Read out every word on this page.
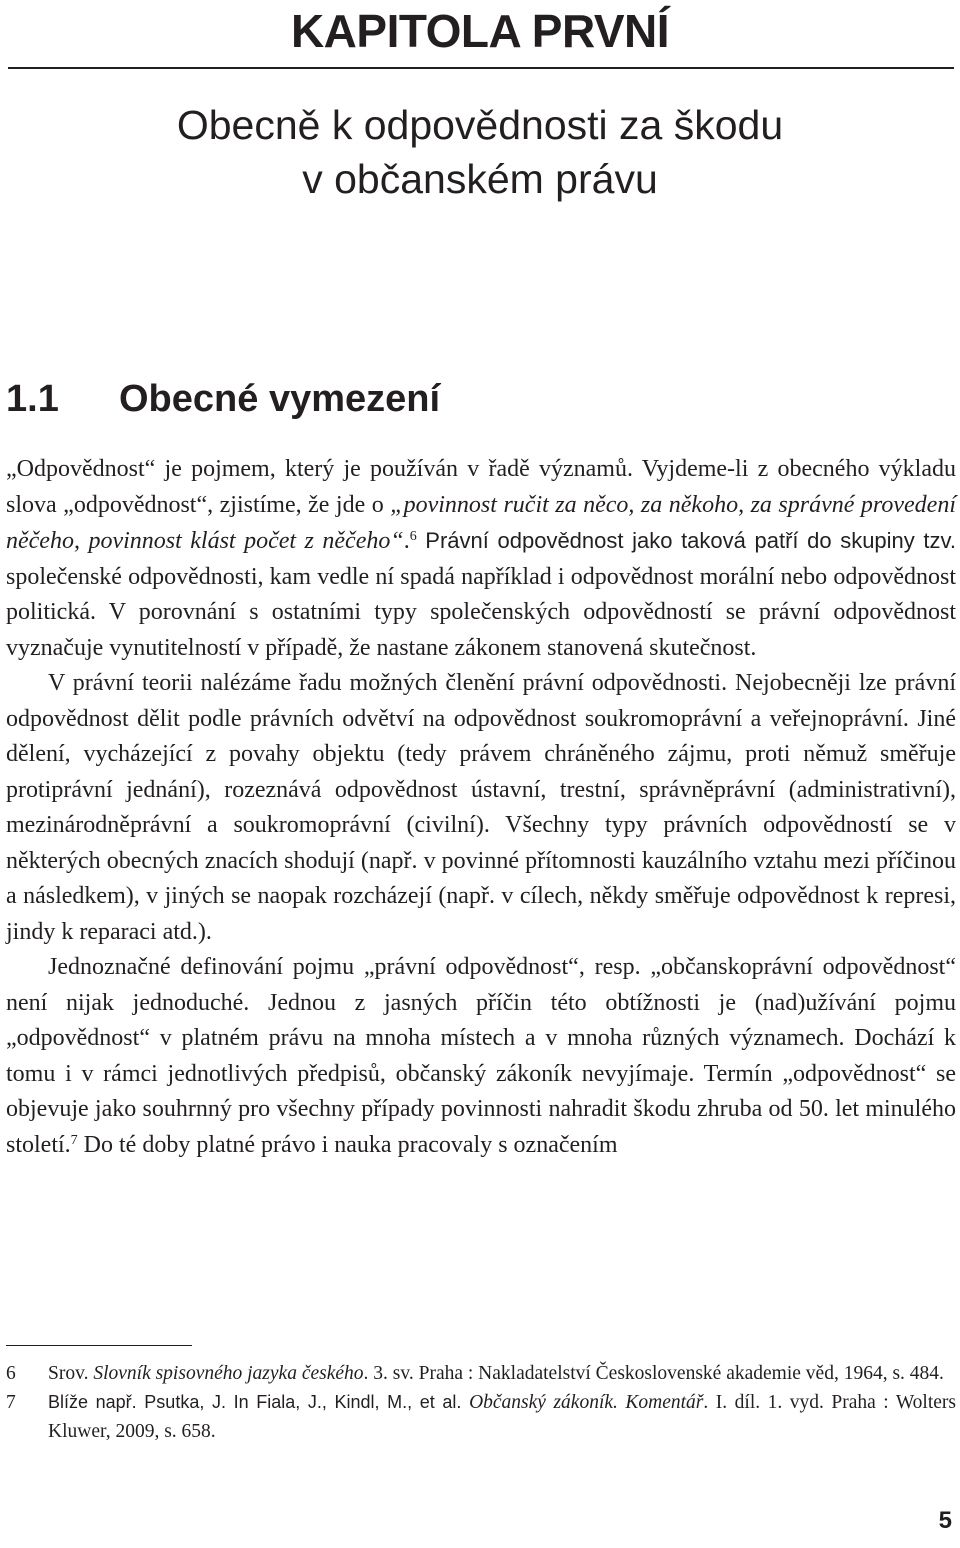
KAPITOLA PRVNÍ
Obecně k odpovědnosti za škodu
v občanském právu
1.1 Obecné vymezení

„Odpovědnost“ je pojmem, který je používán v řadě významů. Vyjdeme-li z obecného výkladu slova „odpovědnost“, zjistíme, že jde o „povinnost ručit za něco, za někoho, za správné provedení něčeho, povinnost klást počet z něčeho“.$^6$ Právní odpovědnost jako taková patří do skupiny tzv. společenské odpovědnosti, kam vedle ní spadá například i odpovědnost morální nebo odpovědnost politická. V porovnání s ostatními typy společenských odpovědností se právní odpovědnost vyznačuje vynutitelností v případě, že nastane zákonem stanovená skutečnost.

V právní teorii nalézáme řadu možných členění právní odpovědnosti. Nejobecněji lze právní odpovědnost dělit podle právních odvětví na odpovědnost soukromoprávní a veřejnoprávní. Jiné dělení, vycházející z povahy objektu (tedy právem chráněného zájmu, proti němuž směřuje protiprávní jednání), rozeznává odpovědnost ústavní, trestní, správněprávní (administrativní), mezinárodněprávní a soukromoprávní (civilní). Všechny typy právních odpovědností se v některých obecných znacích shodují (např. v povinné přítomnosti kauzálního vztahu mezi příčinou a následkem), v jiných se naopak rozcházejí (např. v cílech, někdy směřuje odpovědnost k represi, jindy k reparaci atd.).

Jednoznačné definování pojmu „právní odpovědnost“, resp. „občanskoprávní odpovědnost“ není nijak jednoduché. Jednou z jasných příčin této obtížnosti je (nad)užívání pojmu „odpovědnost“ v platném právu na mnoha místech a v mnoha různých významech. Dochází k tomu i v rámci jednotlivých předpisů, občanský zákoník nevyjímaje. Termín „odpovědnost“ se objevuje jako souhrnný pro všechny případy povinnosti nahradit škodu zhruba od 50. let minulého století.$^7$ Do té doby platné právo i nauka pracovaly s označením

6	Srov. Slovník spisovného jazyka českého. 3. sv. Praha : Nakladatelství Československé akademie věd, 1964, s. 484.
7	Blíže např. Psutka, J. In Fiala, J., Kindl, M., et al. Občanský zákoník. Komentář. I. díl. 1. vyd. Praha : Wolters Kluwer, 2009, s. 658.
5
